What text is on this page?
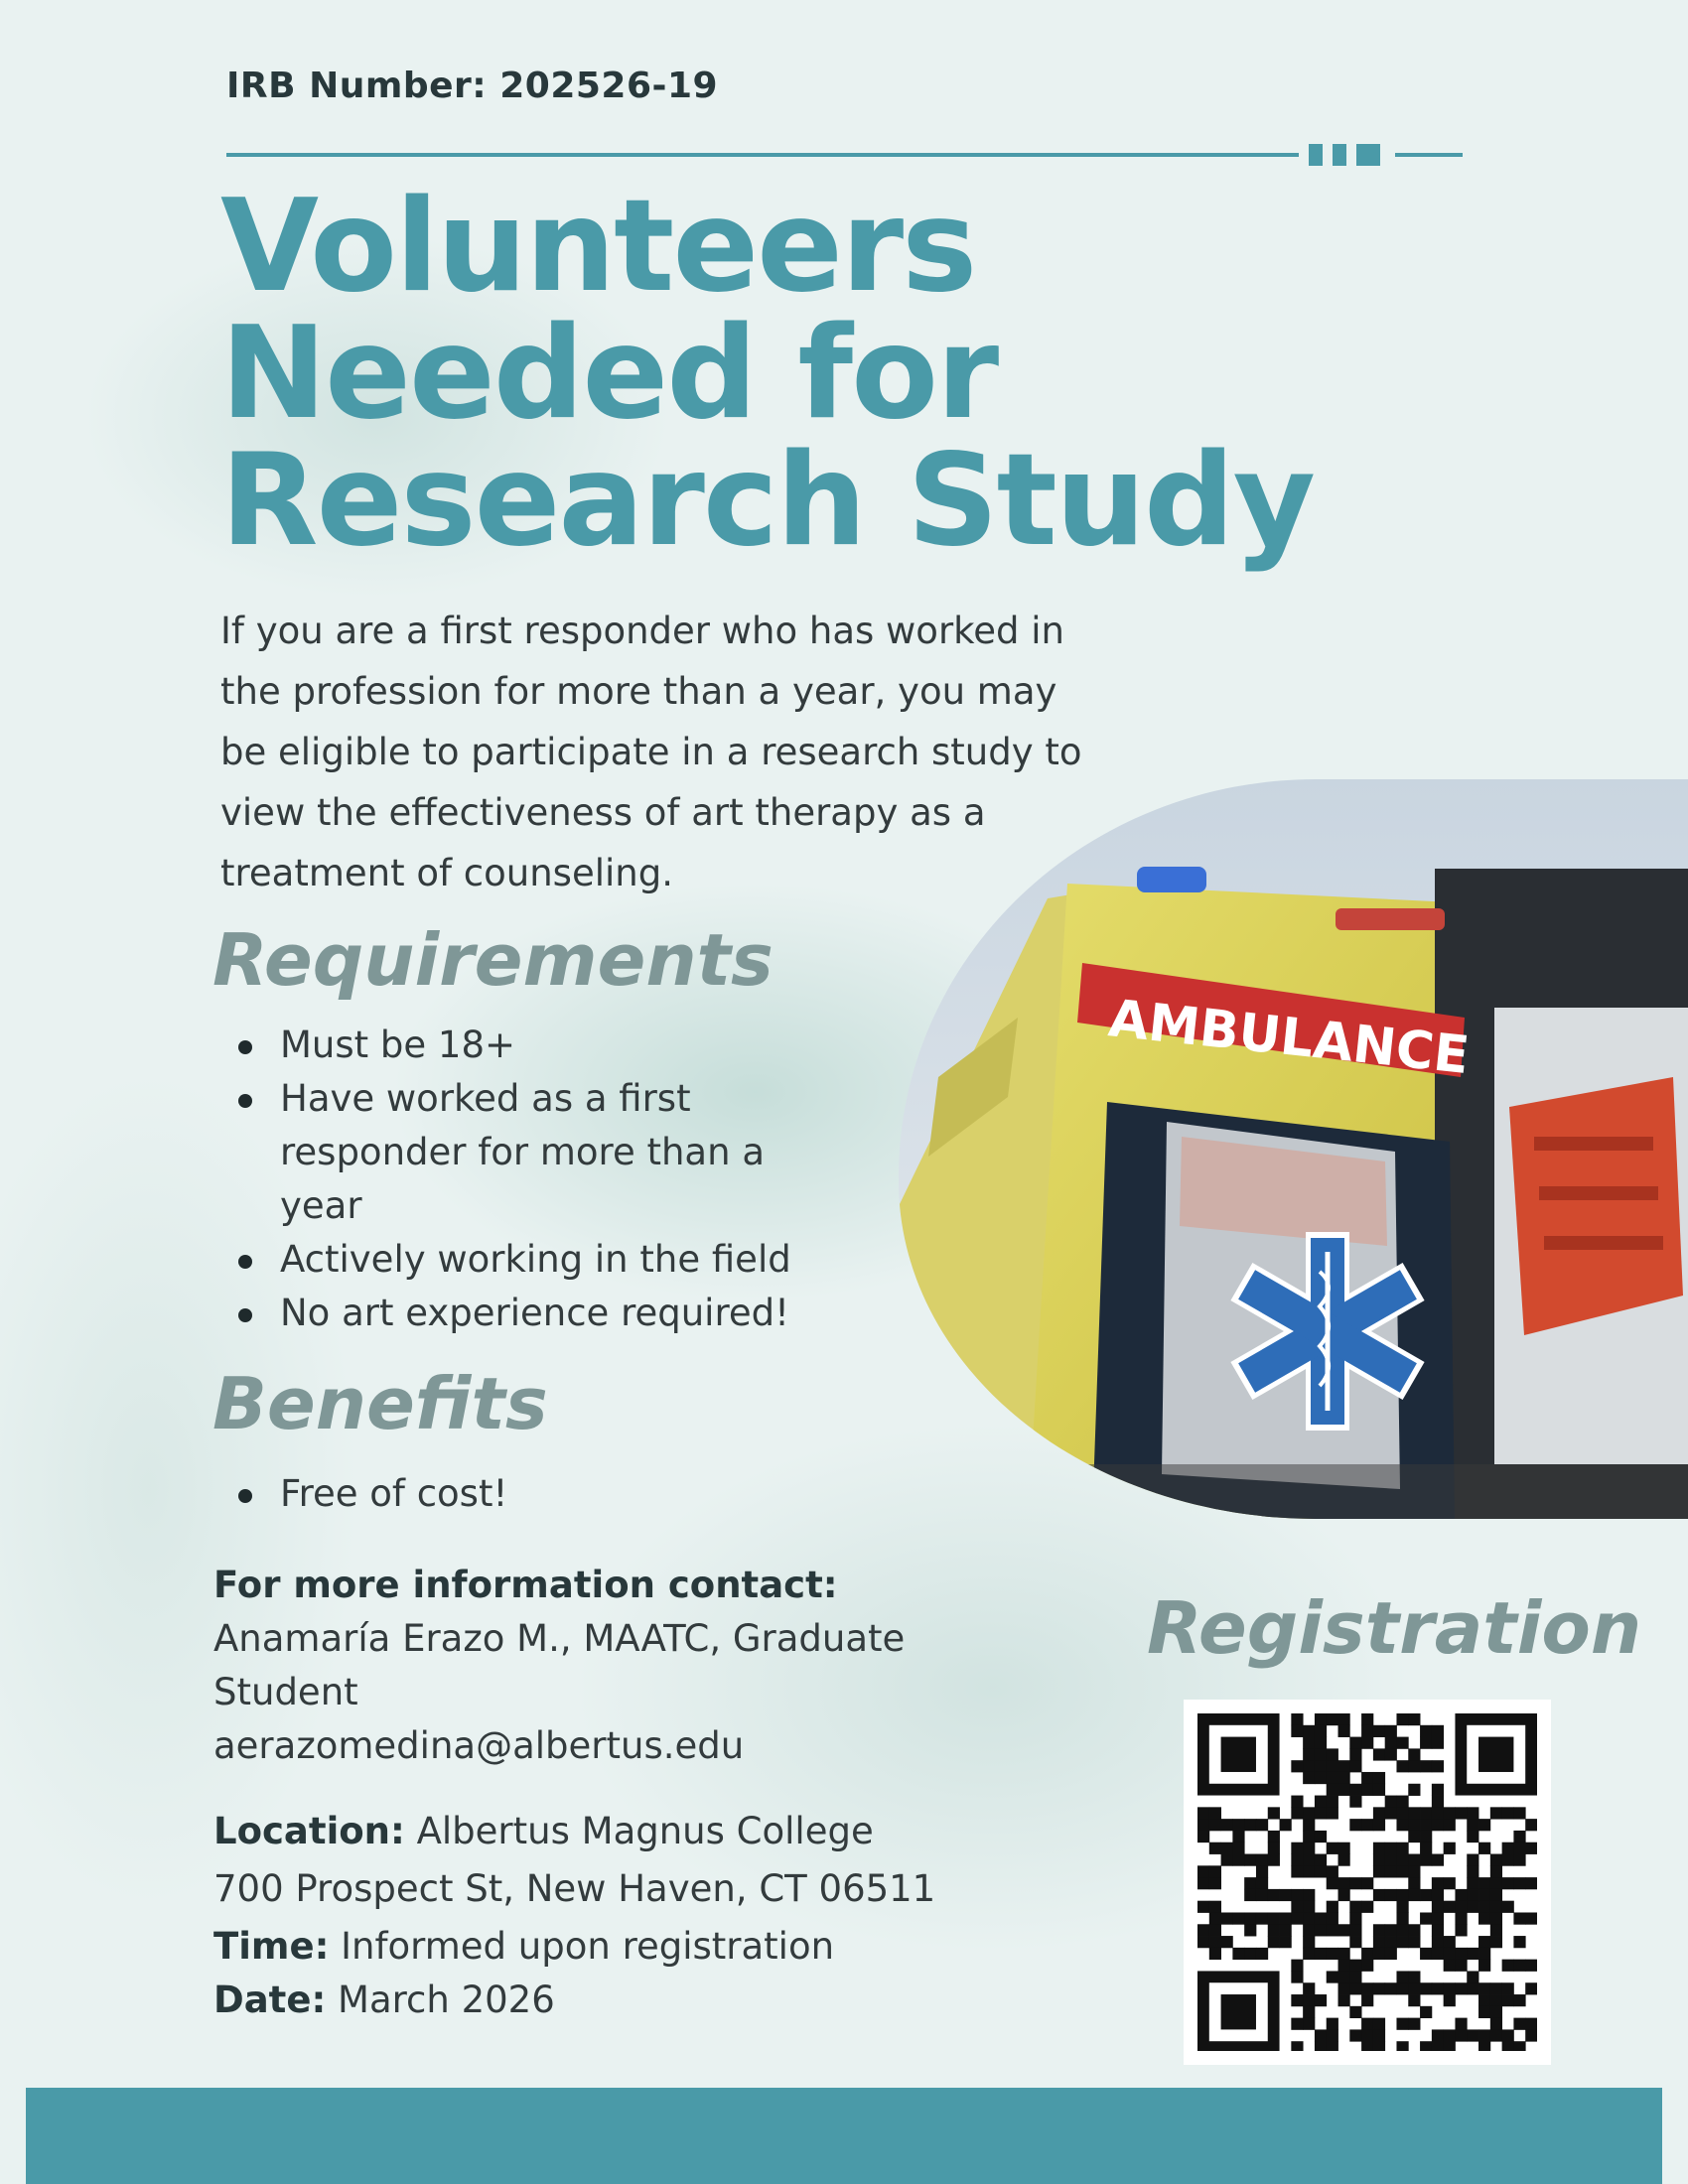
IRB Number: 202526-19
Volunteers
Needed for
Research Study
If you are a first responder who has worked in the profession for more than a year, you may be eligible to participate in a research study to view the effectiveness of art therapy as a treatment of counseling.
AMBULANCE
Requirements
Must be 18+
Have worked as a first responder for more than a year
Actively working in the field
No art experience required!
Benefits
Free of cost!
For more information contact:
Anamaría Erazo M., MAATC, Graduate Student
aerazomedina@albertus.edu
Location: Albertus Magnus College
700 Prospect St, New Haven, CT 06511
Time: Informed upon registration
Date: March 2026
Registration
